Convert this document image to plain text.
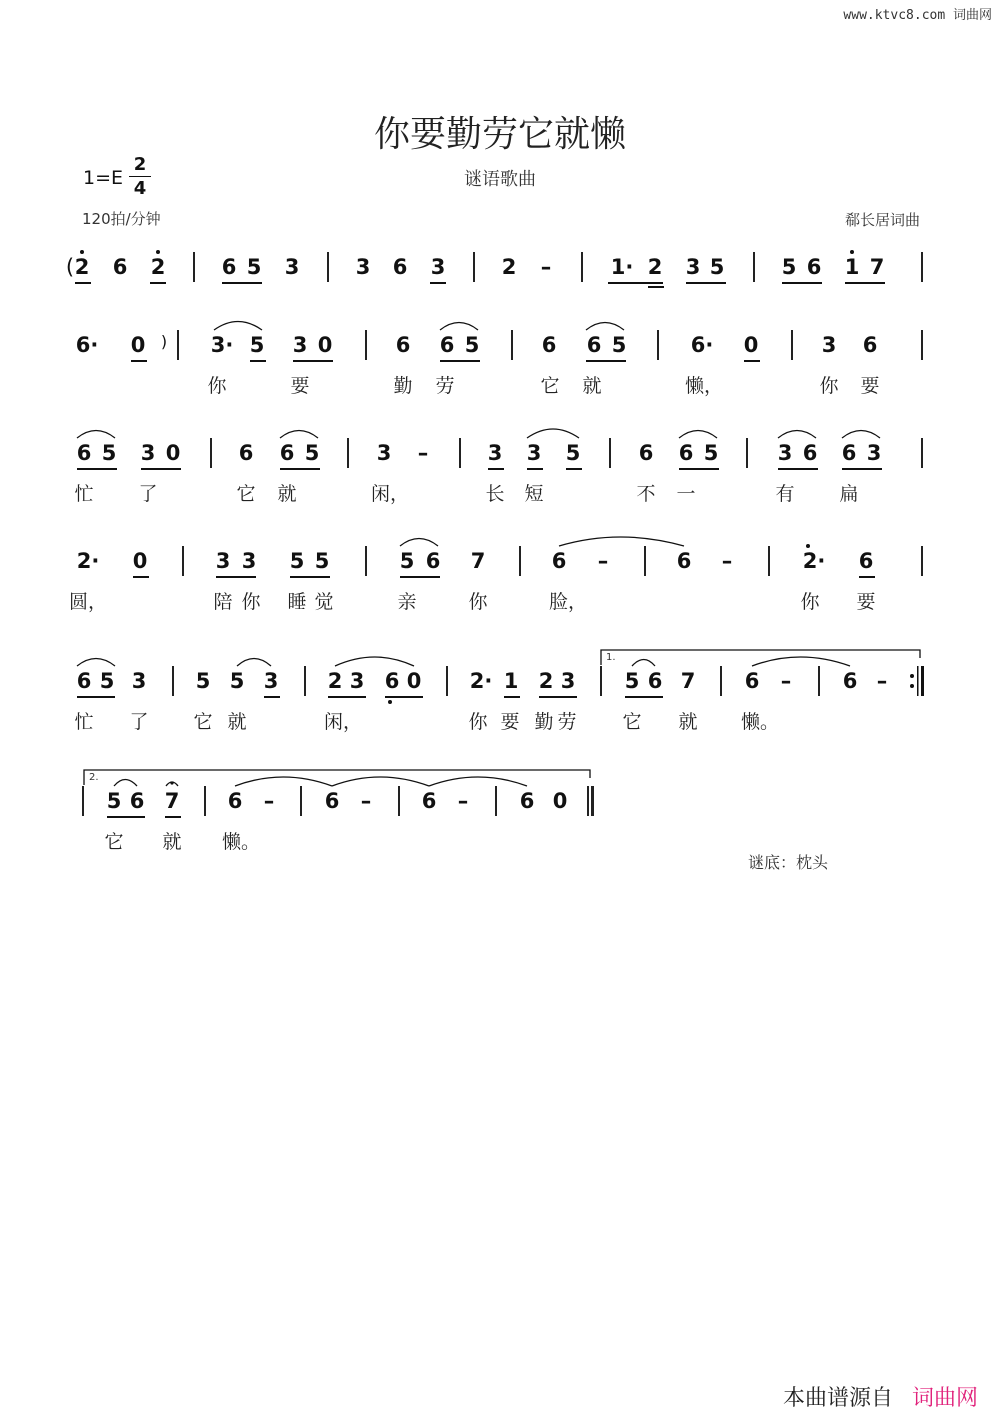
www.ktvc8.com 词曲网
你要勤劳它就懒
谜语歌曲
1=E
2
4
120拍/分钟	郗长居词曲
( 2 6 2	6 5 3	3 6 3	2 –	1· 2 3 5	5 6 1 7
6· 0 ) 3· 5 3 0	6 6 5	6 6 5	6· 0	3 6
你	要	勤 劳	它 就	懒，	你 要
6 5 3 0	6 6 5	3 –	3 3 5	6 6 5	3 6 6 3
忙 了	它 就	闲，	长 短	不 一	有 扁
2· 0	3 3 5 5	5 6 7	6 –	6 –	2· 6
圆，	陪 你 睡 觉	亲	你	脸，	你 要
6 5 3 5 5 3 2 3 6 0 2· 1 2 3 5 6 7 6 – 6 –
忙 了 它 就	闲，	你 要 勤 劳 它 就 懒。
1.
5 6 7 6 – 6 – 6 – 6 0
它 就 懒。
2.
谜底：枕头
本曲谱源自 词曲网
